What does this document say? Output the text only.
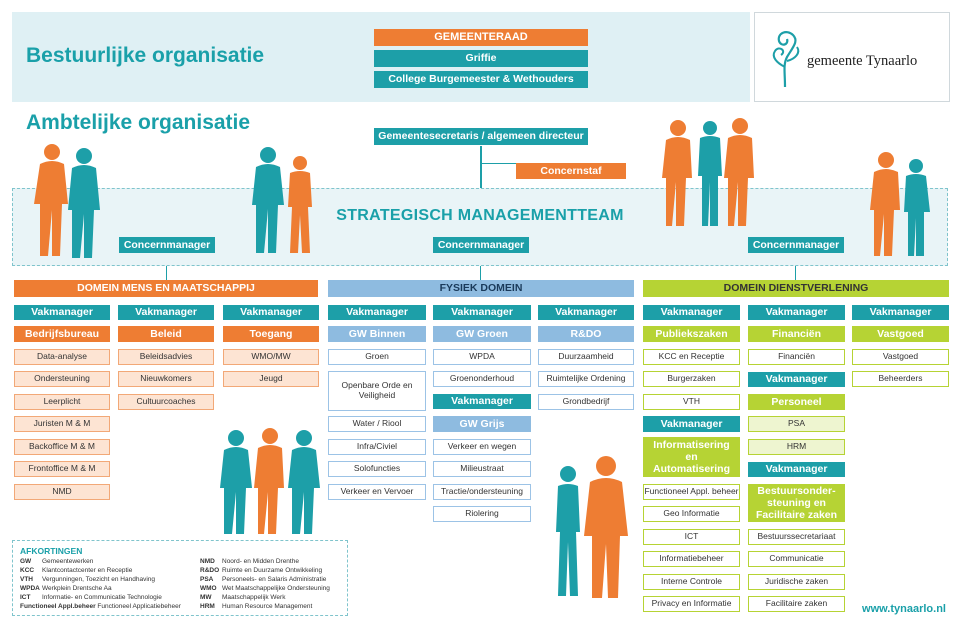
Bestuurlijke organisatie
GEMEENTERAAD
Griffie
College Burgemeester & Wethouders
gemeente Tynaarlo
Ambtelijke organisatie
STRATEGISCH MANAGEMENTTEAM
Gemeentesecretaris / algemeen directeur
Concernstaf
Concernmanager	Concernmanager	Concernmanager
DOMEIN MENS EN MAATSCHAPPIJ	FYSIEK DOMEIN	DOMEIN DIENSTVERLENING
Vakmanager
Bedrijfsbureau
Data-analyse
Ondersteuning
Leerplicht
Juristen M & M
Backoffice M & M
Frontoffice M & M
NMD
Vakmanager
Beleid
Beleidsadvies
Nieuwkomers
Cultuurcoaches
Vakmanager
Toegang
WMO/MW
Jeugd
Vakmanager
GW Binnen
Groen
Openbare Orde en Veiligheid
Water / Riool
Infra/Civiel
Solofuncties
Verkeer en Vervoer
Vakmanager
GW Groen
WPDA
Groenonderhoud
Vakmanager
GW Grijs
Verkeer en wegen
Milieustraat
Tractie/ondersteuning
Riolering
Vakmanager
R&DO
Duurzaamheid
Ruimtelijke Ordening
Grondbedrijf
Vakmanager
Publiekszaken
KCC en Receptie
Burgerzaken
VTH
Vakmanager
Informatisering en Automatisering
Functioneel Appl. beheer
Geo Informatie
ICT
Informatiebeheer
Interne Controle
Privacy en Informatie
Vakmanager
Financiën
Financiën
Vakmanager
Personeel
PSA
HRM
Vakmanager
Bestuursonder-steuning en Facilitaire zaken
Bestuurssecretariaat
Communicatie
Juridische zaken
Facilitaire zaken
Vakmanager
Vastgoed
Vastgoed
Beheerders
AFKORTINGEN
GW Gemeentewerken
KCC Klantcontactcenter en Receptie
VTH Vergunningen, Toezicht en Handhaving
WPDA Werkplein Drentsche Aa
ICT Informatie- en Communicatie Technologie
Functioneel Appl.beheer Functioneel Applicatiebeheer
NMD Noord- en Midden Drenthe
R&DO Ruimte en Duurzame Ontwikkeling
PSA Personeels- en Salaris Administratie
WMO Wet Maatschappelijke Ondersteuning
MW Maatschappelijk Werk
HRM Human Resource Management	www.tynaarlo.nl
